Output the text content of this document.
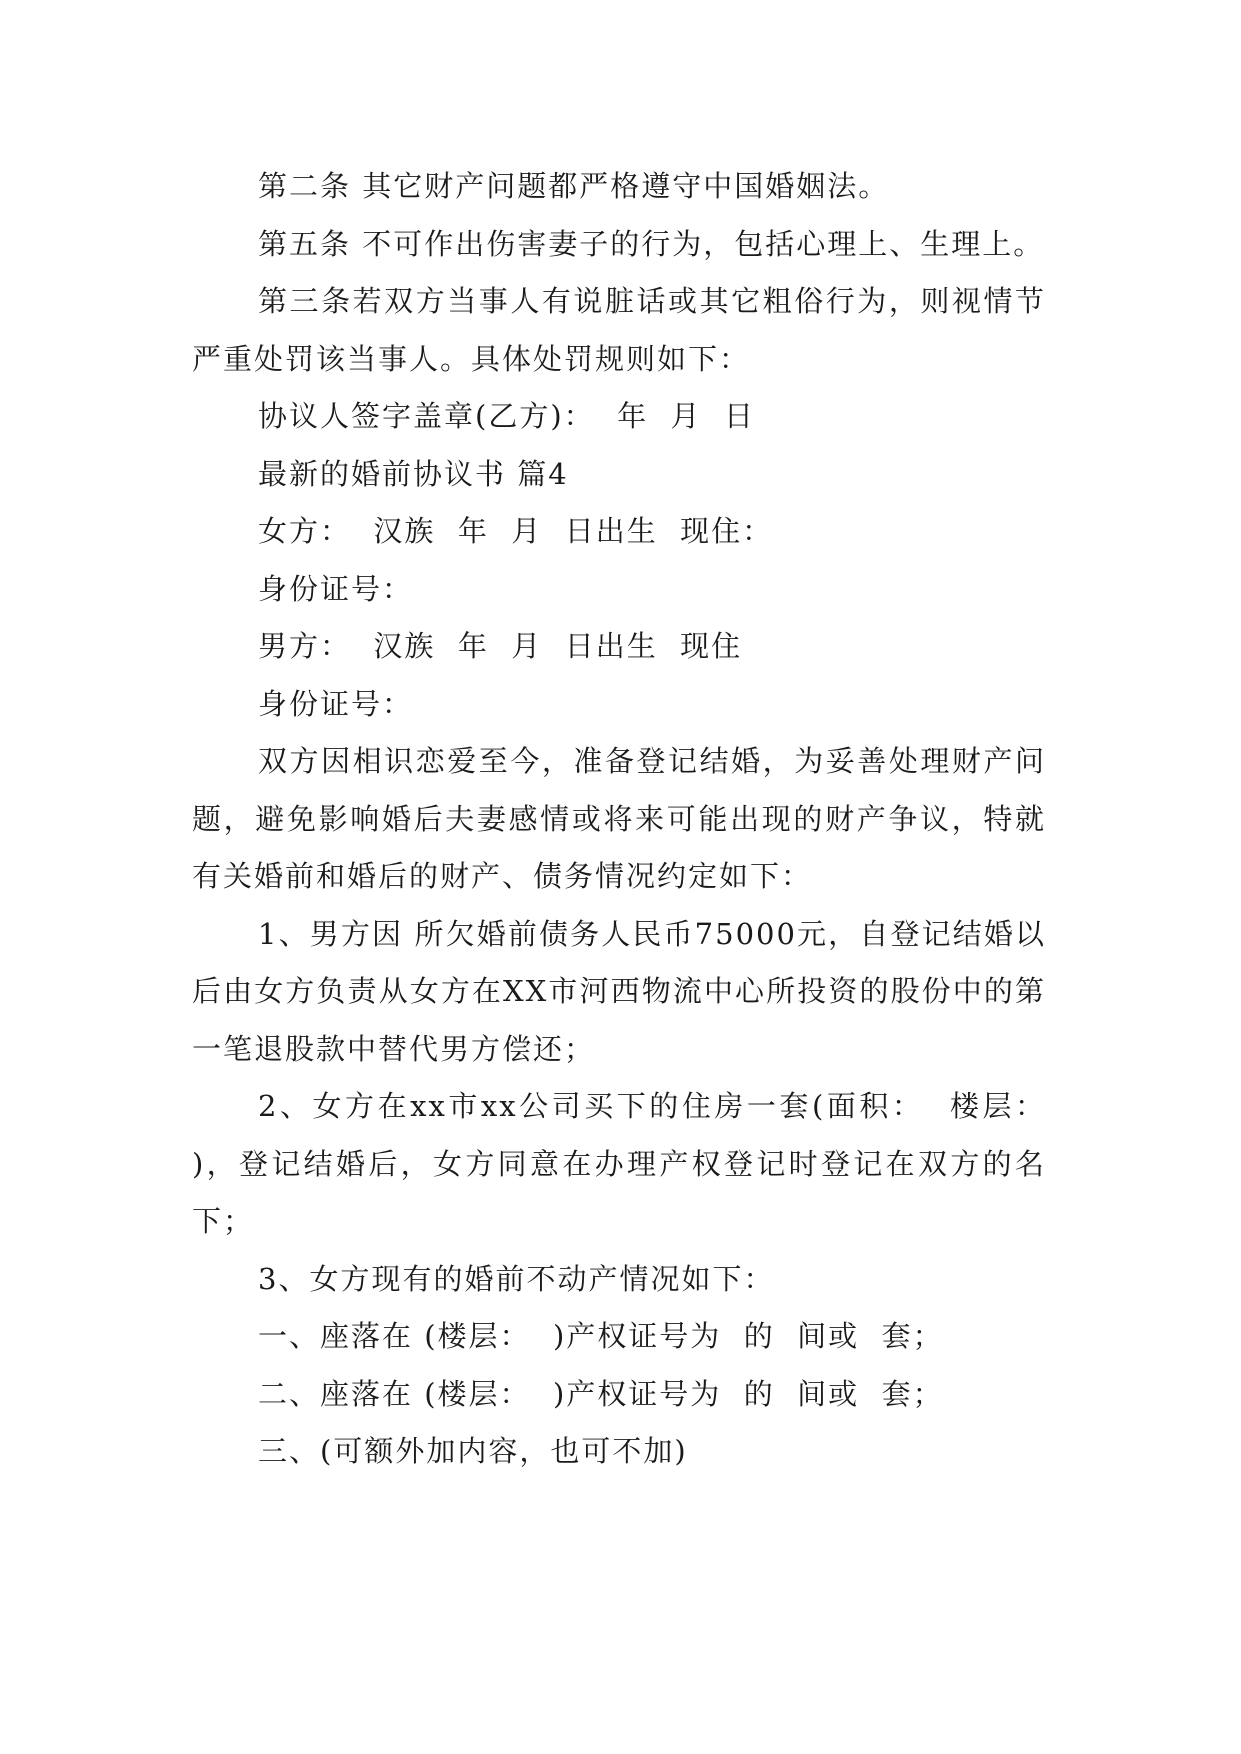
第二条 其它财产问题都严格遵守中国婚姻法。

第五条 不可作出伤害妻子的行为，包括心理上、生理上。

第三条若双方当事人有说脏话或其它粗俗行为，则视情节严重处罚该当事人。具体处罚规则如下：

协议人签字盖章(乙方)：  年  月  日

最新的婚前协议书 篇4

女方：  汉族  年  月  日出生  现住：

身份证号：

男方：  汉族  年  月  日出生  现住

身份证号：

双方因相识恋爱至今，准备登记结婚，为妥善处理财产问题，避免影响婚后夫妻感情或将来可能出现的财产争议，特就有关婚前和婚后的财产、债务情况约定如下：

1、男方因 所欠婚前债务人民币75000元，自登记结婚以后由女方负责从女方在XX市河西物流中心所投资的股份中的第一笔退股款中替代男方偿还；

2、女方在xx市xx公司买下的住房一套(面积：  楼层：  )，登记结婚后，女方同意在办理产权登记时登记在双方的名下；

3、女方现有的婚前不动产情况如下：

一、座落在 (楼层：  )产权证号为  的  间或  套；

二、座落在 (楼层：  )产权证号为  的  间或  套；

三、(可额外加内容，也可不加)
